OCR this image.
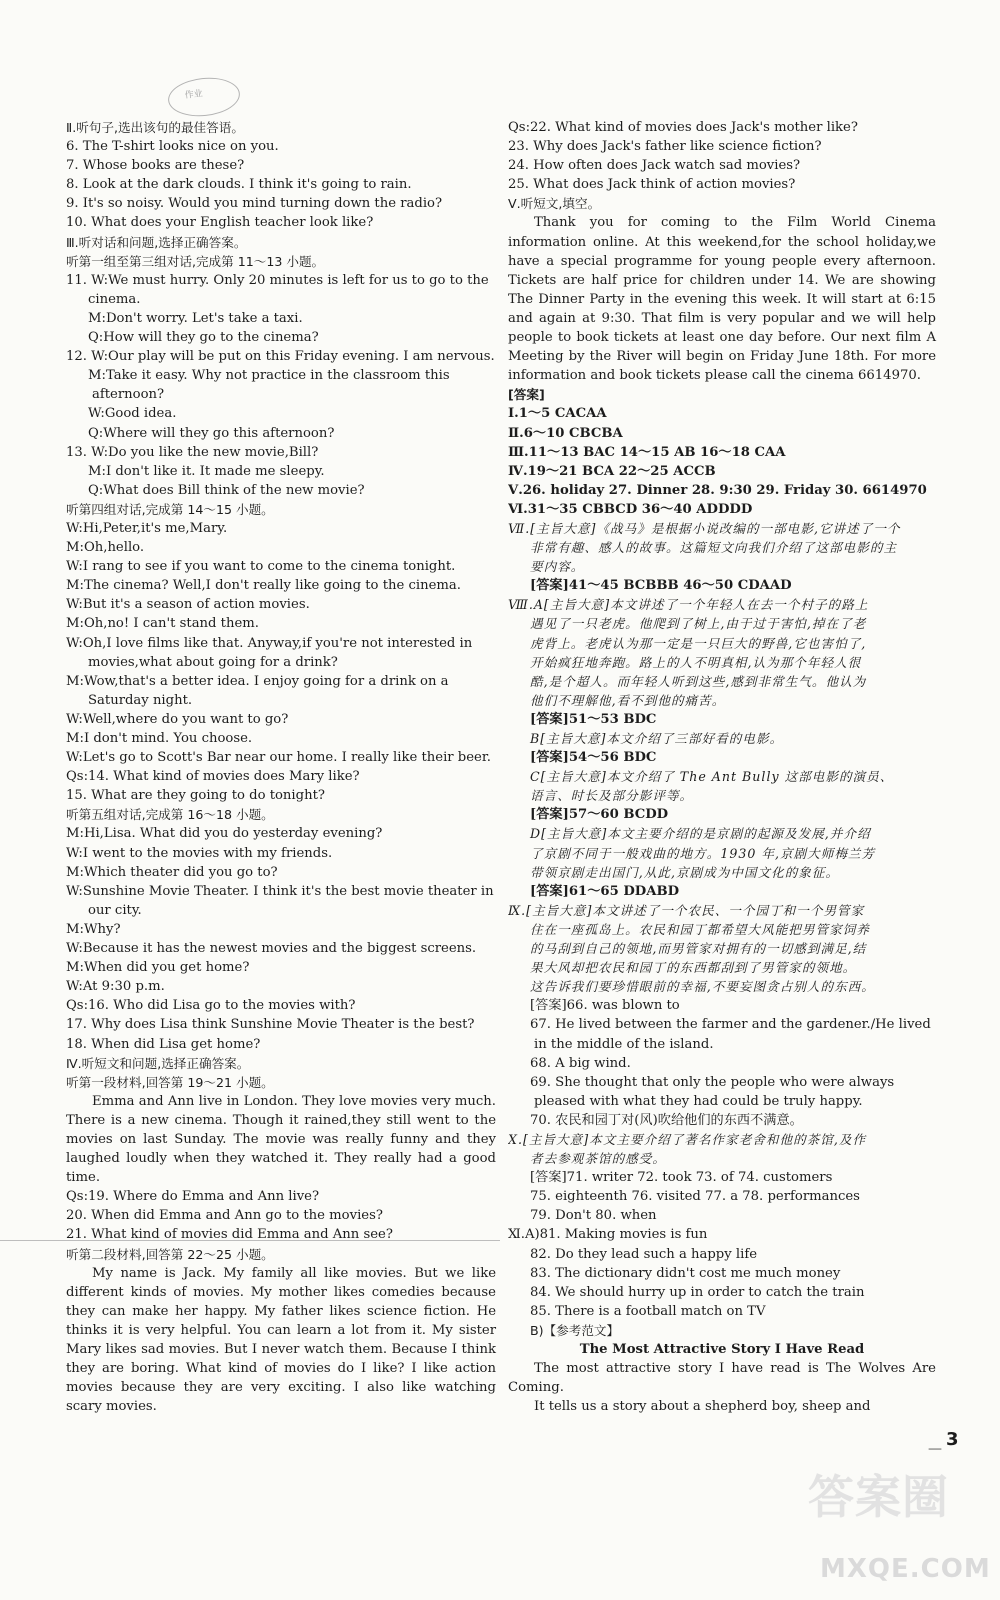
作业
Ⅱ.听句子,选出该句的最佳答语。
6. The T-shirt looks nice on you.
7. Whose books are these?
8. Look at the dark clouds. I think it's going to rain.
9. It's so noisy. Would you mind turning down the radio?
10. What does your English teacher look like?
Ⅲ.听对话和问题,选择正确答案。
听第一组至第三组对话,完成第 11～13 小题。
11. W:We must hurry. Only 20 minutes is left for us to go to the
cinema.
M:Don't worry. Let's take a taxi.
Q:How will they go to the cinema?
12. W:Our play will be put on this Friday evening. I am nervous.
M:Take it easy. Why not practice in the classroom this
afternoon?
W:Good idea.
Q:Where will they go this afternoon?
13. W:Do you like the new movie,Bill?
M:I don't like it. It made me sleepy.
Q:What does Bill think of the new movie?
听第四组对话,完成第 14～15 小题。
W:Hi,Peter,it's me,Mary.
M:Oh,hello.
W:I rang to see if you want to come to the cinema tonight.
M:The cinema? Well,I don't really like going to the cinema.
W:But it's a season of action movies.
M:Oh,no! I can't stand them.
W:Oh,I love films like that. Anyway,if you're not interested in
movies,what about going for a drink?
M:Wow,that's a better idea. I enjoy going for a drink on a
Saturday night.
W:Well,where do you want to go?
M:I don't mind. You choose.
W:Let's go to Scott's Bar near our home. I really like their beer.
Qs:14. What kind of movies does Mary like?
15. What are they going to do tonight?
听第五组对话,完成第 16～18 小题。
M:Hi,Lisa. What did you do yesterday evening?
W:I went to the movies with my friends.
M:Which theater did you go to?
W:Sunshine Movie Theater. I think it's the best movie theater in
our city.
M:Why?
W:Because it has the newest movies and the biggest screens.
M:When did you get home?
W:At 9:30 p.m.
Qs:16. Who did Lisa go to the movies with?
17. Why does Lisa think Sunshine Movie Theater is the best?
18. When did Lisa get home?
Ⅳ.听短文和问题,选择正确答案。
听第一段材料,回答第 19～21 小题。
Emma and Ann live in London. They love movies very much. There is a new cinema. Though it rained,they still went to the movies on last Sunday. The movie was really funny and they laughed loudly when they watched it. They really had a good time.
Qs:19. Where do Emma and Ann live?
20. When did Emma and Ann go to the movies?
21. What kind of movies did Emma and Ann see?
听第二段材料,回答第 22～25 小题。
My name is Jack. My family all like movies. But we like different kinds of movies. My mother likes comedies because they can make her happy. My father likes science fiction. He thinks it is very helpful. You can learn a lot from it. My sister Mary likes sad movies. But I never watch them. Because I think they are boring. What kind of movies do I like? I like action movies because they are very exciting. I also like watching scary movies.
Qs:22. What kind of movies does Jack's mother like?
23. Why does Jack's father like science fiction?
24. How often does Jack watch sad movies?
25. What does Jack think of action movies?
Ⅴ.听短文,填空。
Thank you for coming to the Film World Cinema information online. At this weekend,for the school holiday,we have a special programme for young people every afternoon. Tickets are half price for children under 14. We are showing The Dinner Party in the evening this week. It will start at 6:15 and again at 9:30. That film is very popular and we will help people to book tickets at least one day before. Our next film A Meeting by the River will begin on Friday June 18th. For more information and book tickets please call the cinema 6614970.
[答案]
Ⅰ.1～5 CACAA
Ⅱ.6～10 CBCBA
Ⅲ.11～13 BAC 14～15 AB 16～18 CAA
Ⅳ.19～21 BCA 22～25 ACCB
Ⅴ.26. holiday 27. Dinner 28. 9:30 29. Friday 30. 6614970
Ⅵ.31～35 CBBCD 36～40 ADDDD
Ⅶ.[主旨大意]《战马》是根据小说改编的一部电影,它讲述了一个
非常有趣、感人的故事。这篇短文向我们介绍了这部电影的主
要内容。
[答案]41～45 BCBBB 46～50 CDAAD
Ⅷ.A[主旨大意]本文讲述了一个年轻人在去一个村子的路上
遇见了一只老虎。他爬到了树上,由于过于害怕,掉在了老
虎背上。老虎认为那一定是一只巨大的野兽,它也害怕了,
开始疯狂地奔跑。路上的人不明真相,认为那个年轻人很
酷,是个超人。而年轻人听到这些,感到非常生气。他认为
他们不理解他,看不到他的痛苦。
[答案]51～53 BDC
B[主旨大意]本文介绍了三部好看的电影。
[答案]54～56 BDC
C[主旨大意]本文介绍了 The Ant Bully 这部电影的演员、
语言、时长及部分影评等。
[答案]57～60 BCDD
D[主旨大意]本文主要介绍的是京剧的起源及发展,并介绍
了京剧不同于一般戏曲的地方。1930 年,京剧大师梅兰芳
带领京剧走出国门,从此,京剧成为中国文化的象征。
[答案]61～65 DDABD
Ⅸ.[主旨大意]本文讲述了一个农民、一个园丁和一个男管家
住在一座孤岛上。农民和园丁都希望大风能把男管家饲养
的马刮到自己的领地,而男管家对拥有的一切感到满足,结
果大风却把农民和园丁的东西都刮到了男管家的领地。
这告诉我们要珍惜眼前的幸福,不要妄图贪占别人的东西。
[答案]66. was blown to
67. He lived between the farmer and the gardener./He lived
in the middle of the island.
68. A big wind.
69. She thought that only the people who were always
pleased with what they had could be truly happy.
70. 农民和园丁对(风)吹给他们的东西不满意。
Ⅹ.[主旨大意]本文主要介绍了著名作家老舍和他的茶馆,及作
者去参观茶馆的感受。
[答案]71. writer 72. took 73. of 74. customers
75. eighteenth 76. visited 77. a 78. performances
79. Don't 80. when
Ⅺ.A)81. Making movies is fun
82. Do they lead such a happy life
83. The dictionary didn't cost me much money
84. We should hurry up in order to catch the train
85. There is a football match on TV
B)【参考范文】
The Most Attractive Story I Have Read
The most attractive story I have read is The Wolves Are Coming.
It tells us a story about a shepherd boy, sheep and
— 3
答案圈
MXQE.COM
